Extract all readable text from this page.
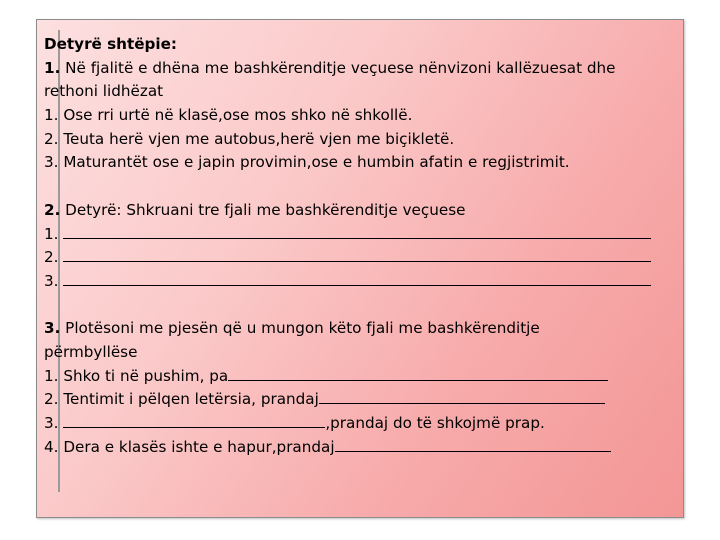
Detyrë shtëpie:
1. Në fjalitë e dhëna me bashkërenditje veçuese nënvizoni kallëzuesat dhe
rethoni lidhëzat
1. Ose rri urtë në klasë,ose mos shko në shkollë.
2. Teuta herë vjen me autobus,herë vjen me biçikletë.
3. Maturantët ose e japin provimin,ose e humbin afatin e regjistrimit.
2. Detyrë: Shkruani tre fjali me bashkërenditje veçuese
1.
2.
3.
3. Plotësoni me pjesën që u mungon këto fjali me bashkërenditje
përmbyllëse
1. Shko ti në pushim, pa
2. Tentimit i pëlqen letërsia, prandaj
3.	,prandaj do të shkojmë prap.
4. Dera e klasës ishte e hapur,prandaj
